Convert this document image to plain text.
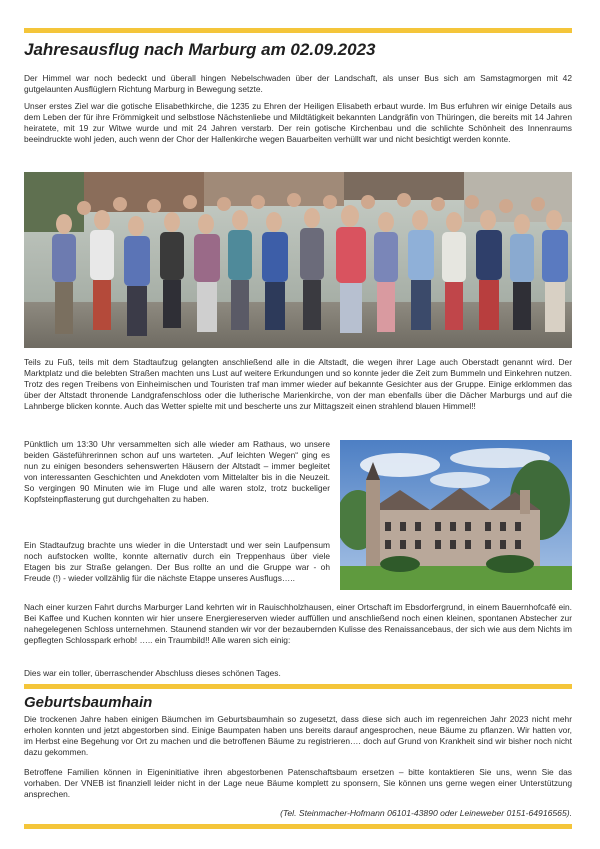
Jahresausflug nach Marburg am 02.09.2023

Der Himmel war noch bedeckt und überall hingen Nebelschwaden über der Landschaft, als unser Bus sich am Samstagmorgen mit 42 gutgelaunten Ausflüglern Richtung Marburg in Bewegung setzte.

Unser erstes Ziel war die gotische Elisabethkirche, die 1235 zu Ehren der Heiligen Elisabeth erbaut wurde. Im Bus erfuhren wir einige Details aus dem Leben der für ihre Frömmigkeit und selbstlose Nächstenliebe und Mildtätigkeit bekannten Landgräfin von Thüringen, die bereits mit 14 Jahren heiratete, mit 19 zur Witwe wurde und mit 24 Jahren verstarb. Der rein gotische Kirchenbau und die schlichte Schönheit des Innenraums beeindruckte wohl jeden, auch wenn der Chor der Hallenkirche wegen Bauarbeiten verhüllt war und nicht besichtigt werden konnte.

Teils zu Fuß, teils mit dem Stadtaufzug gelangten anschließend alle in die Altstadt, die wegen ihrer Lage auch Oberstadt genannt wird. Der Marktplatz und die belebten Straßen machten uns Lust auf weitere Erkundungen und so konnte jeder die Zeit zum Bummeln und Einkehren nutzen. Trotz des regen Treibens von Einheimischen und Touristen traf man immer wieder auf bekannte Gesichter aus der Gruppe. Einige erklommen das über der Altstadt thronende Landgrafenschloss oder die lutherische Marienkirche, von der man ebenfalls über die Dächer Marburgs und auf die Lahnberge blicken konnte. Auch das Wetter spielte mit und bescherte uns zur Mittagszeit einen strahlend blauen Himmel!!

Pünktlich um 13:30 Uhr versammelten sich alle wieder am Rathaus, wo unsere beiden Gästeführerinnen schon auf uns warteten. „Auf leichten Wegen“ ging es nun zu einigen besonders sehenswerten Häusern der Altstadt – immer begleitet von interessanten Geschichten und Anekdoten vom Mittelalter bis in die Neuzeit. So vergingen 90 Minuten wie im Fluge und alle waren stolz, trotz buckeliger Kopfsteinpflasterung gut durchgehalten zu haben.

Ein Stadtaufzug brachte uns wieder in die Unterstadt und wer sein Laufpensum noch aufstocken wollte, konnte alternativ durch ein Treppenhaus über viele Etagen bis zur Straße gelangen. Der Bus rollte an und die Gruppe war - oh Freude (!) - wieder vollzählig für die nächste Etappe unseres Ausflugs…..

Nach einer kurzen Fahrt durchs Marburger Land kehrten wir in Rauischholzhausen, einer Ortschaft im Ebsdorfergrund, in einem Bauernhofcafé ein. Bei Kaffee und Kuchen konnten wir hier unsere Energiereserven wieder auffüllen und anschließend noch einen kleinen, spontanen Abstecher zur nahegelegenen Schloss unternehmen. Staunend standen wir vor der bezaubernden Kulisse des Renaissancebaus, der sich wie aus dem Nichts im gepflegten Schlosspark erhob! ….. ein Traumbild!! Alle waren sich einig:

Dies war ein toller, überraschender Abschluss dieses schönen Tages.

Geburtsbaumhain

Die trockenen Jahre haben einigen Bäumchen im Geburtsbaumhain so zugesetzt, dass diese sich auch im regenreichen Jahr 2023 nicht mehr erholen konnten und jetzt abgestorben sind. Einige Baumpaten haben uns bereits darauf angesprochen, neue Bäume zu pflanzen. Wir hatten vor, im Herbst eine Begehung vor Ort zu machen und die betroffenen Bäume zu registrieren…. doch auf Grund von Krankheit sind wir bisher noch nicht dazu gekommen.

Betroffene Familien können in Eigeninitiative ihren abgestorbenen Patenschaftsbaum ersetzen – bitte kontaktieren Sie uns, wenn Sie das vorhaben. Der VNEB ist finanziell leider nicht in der Lage neue Bäume komplett zu sponsern, Sie können uns gerne wegen einer Unterstützung ansprechen.

(Tel. Steinmacher-Hofmann 06101-43890 oder Leineweber 0151-64916565).
